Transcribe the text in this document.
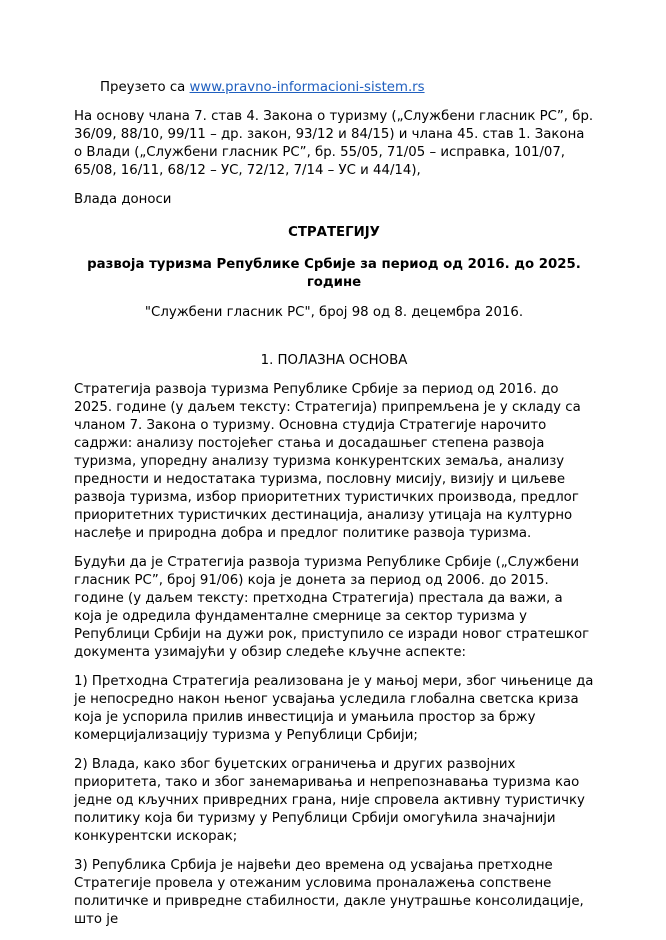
Преузето са www.pravno-informacioni-sistem.rs

На основу члана 7. став 4. Закона о туризму („Службени гласник РС”, бр. 36/09, 88/10, 99/11 – др. закон, 93/12 и 84/15) и члана 45. став 1. Закона о Влади („Службени гласник РС”, бр. 55/05, 71/05 – исправка, 101/07, 65/08, 16/11, 68/12 – УС, 72/12, 7/14 – УС и 44/14),

Влада доноси

СТРАТЕГИЈУ

развоја туризма Републике Србије за период од 2016. до 2025. године

"Службени гласник РС", број 98 од 8. децембра 2016.

1. ПОЛАЗНА ОСНОВА

Стратегија развоја туризма Републике Србије за период од 2016. до 2025. године (у даљем тексту: Стратегија) припремљена је у складу са чланом 7. Закона о туризму. Основна студија Стратегије нарочито садржи: анализу постојећег стања и досадашњег степена развоја туризма, упоредну анализу туризма конкурентских земаља, анализу предности и недостатака туризма, пословну мисију, визију и циљеве развоја туризма, избор приоритетних туристичких производа, предлог приоритетних туристичких дестинација, анализу утицаја на културно наслеђе и природна добра и предлог политике развоја туризма.

Будући да је Стратегија развоја туризма Републике Србије („Службени гласник РС”, број 91/06) која је донета за период од 2006. до 2015. године (у даљем тексту: претходна Стратегија) престала да важи, а која је одредила фундаменталне смернице за сектор туризма у Републици Србији на дужи рок, приступило се изради новог стратешког документа узимајући у обзир следеће кључне аспекте:

1) Претходна Стратегија реализована је у мањој мери, због чињенице да је непосредно након њеног усвајања уследила глобална светска криза која је успорила прилив инвестиција и умањила простор за бржу комерцијализацију туризма у Републици Србији;

2) Влада, како због буџетских ограничења и других развојних приоритета, тако и због занемаривања и непрепознавања туризма као једне од кључних привредних грана, није спровела активну туристичку политику која би туризму у Републици Србији омогућила значајнији конкурентски искорак;

3) Република Србија је највећи део времена од усвајања претходне Стратегије провела у отежаним условима проналажења сопствене политичке и привредне стабилности, дакле унутрашње консолидације, што је
